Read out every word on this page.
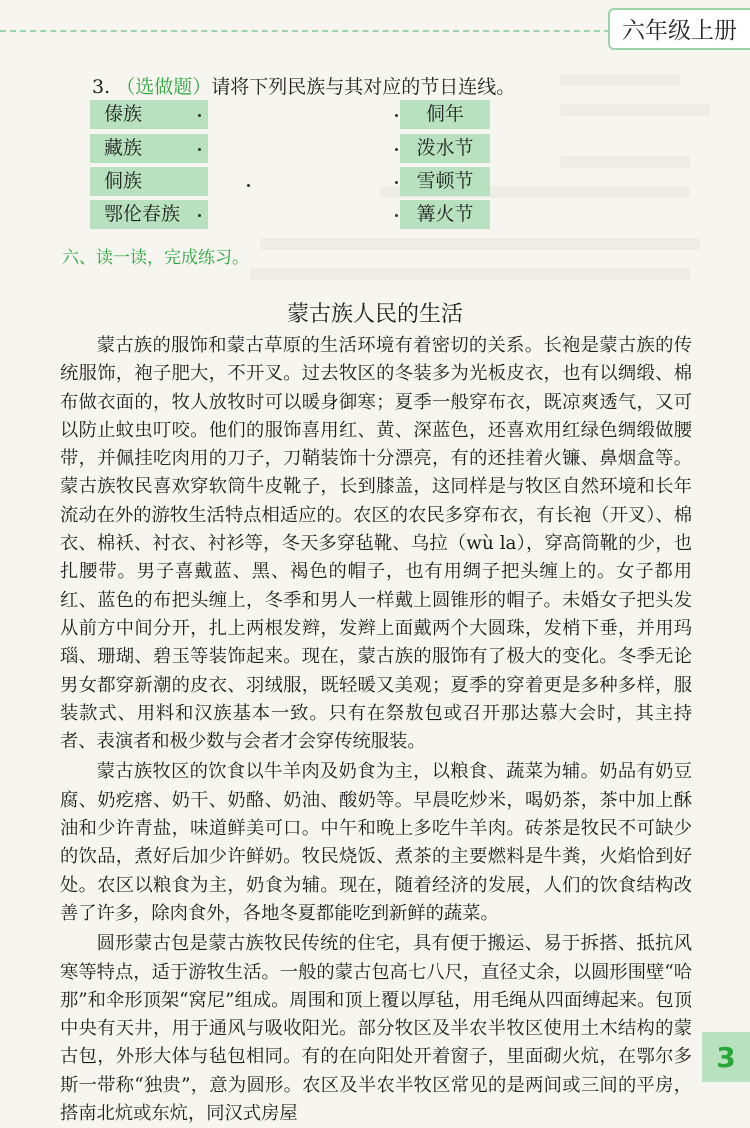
六年级上册
3. （选做题）请将下列民族与其对应的节日连线。
傣族
藏族
侗族
鄂伦春族
侗年
泼水节
雪顿节
篝火节
六、读一读，完成练习。
蒙古族人民的生活

蒙古族的服饰和蒙古草原的生活环境有着密切的关系。长袍是蒙古族的传统服饰，袍子肥大，不开叉。过去牧区的冬装多为光板皮衣，也有以绸缎、棉布做衣面的，牧人放牧时可以暖身御寒；夏季一般穿布衣，既凉爽透气，又可以防止蚊虫叮咬。他们的服饰喜用红、黄、深蓝色，还喜欢用红绿色绸缎做腰带，并佩挂吃肉用的刀子，刀鞘装饰十分漂亮，有的还挂着火镰、鼻烟盒等。蒙古族牧民喜欢穿软筒牛皮靴子，长到膝盖，这同样是与牧区自然环境和长年流动在外的游牧生活特点相适应的。农区的农民多穿布衣，有长袍（开叉）、棉衣、棉袄、衬衣、衬衫等，冬天多穿毡靴、乌拉（wù la），穿高筒靴的少，也扎腰带。男子喜戴蓝、黑、褐色的帽子，也有用绸子把头缠上的。女子都用红、蓝色的布把头缠上，冬季和男人一样戴上圆锥形的帽子。未婚女子把头发从前方中间分开，扎上两根发辫，发辫上面戴两个大圆珠，发梢下垂，并用玛瑙、珊瑚、碧玉等装饰起来。现在，蒙古族的服饰有了极大的变化。冬季无论男女都穿新潮的皮衣、羽绒服，既轻暖又美观；夏季的穿着更是多种多样，服装款式、用料和汉族基本一致。只有在祭敖包或召开那达慕大会时，其主持者、表演者和极少数与会者才会穿传统服装。

蒙古族牧区的饮食以牛羊肉及奶食为主，以粮食、蔬菜为辅。奶品有奶豆腐、奶疙瘩、奶干、奶酪、奶油、酸奶等。早晨吃炒米，喝奶茶，茶中加上酥油和少许青盐，味道鲜美可口。中午和晚上多吃牛羊肉。砖茶是牧民不可缺少的饮品，煮好后加少许鲜奶。牧民烧饭、煮茶的主要燃料是牛粪，火焰恰到好处。农区以粮食为主，奶食为辅。现在，随着经济的发展，人们的饮食结构改善了许多，除肉食外，各地冬夏都能吃到新鲜的蔬菜。

圆形蒙古包是蒙古族牧民传统的住宅，具有便于搬运、易于拆搭、抵抗风寒等特点，适于游牧生活。一般的蒙古包高七八尺，直径丈余，以圆形围壁“哈那”和伞形顶架“窝尼”组成。周围和顶上覆以厚毡，用毛绳从四面缚起来。包顶中央有天井，用于通风与吸收阳光。部分牧区及半农半牧区使用土木结构的蒙古包，外形大体与毡包相同。有的在向阳处开着窗子，里面砌火炕，在鄂尔多斯一带称“独贵”，意为圆形。农区及半农半牧区常见的是两间或三间的平房，搭南北炕或东炕，同汉式房屋

3
